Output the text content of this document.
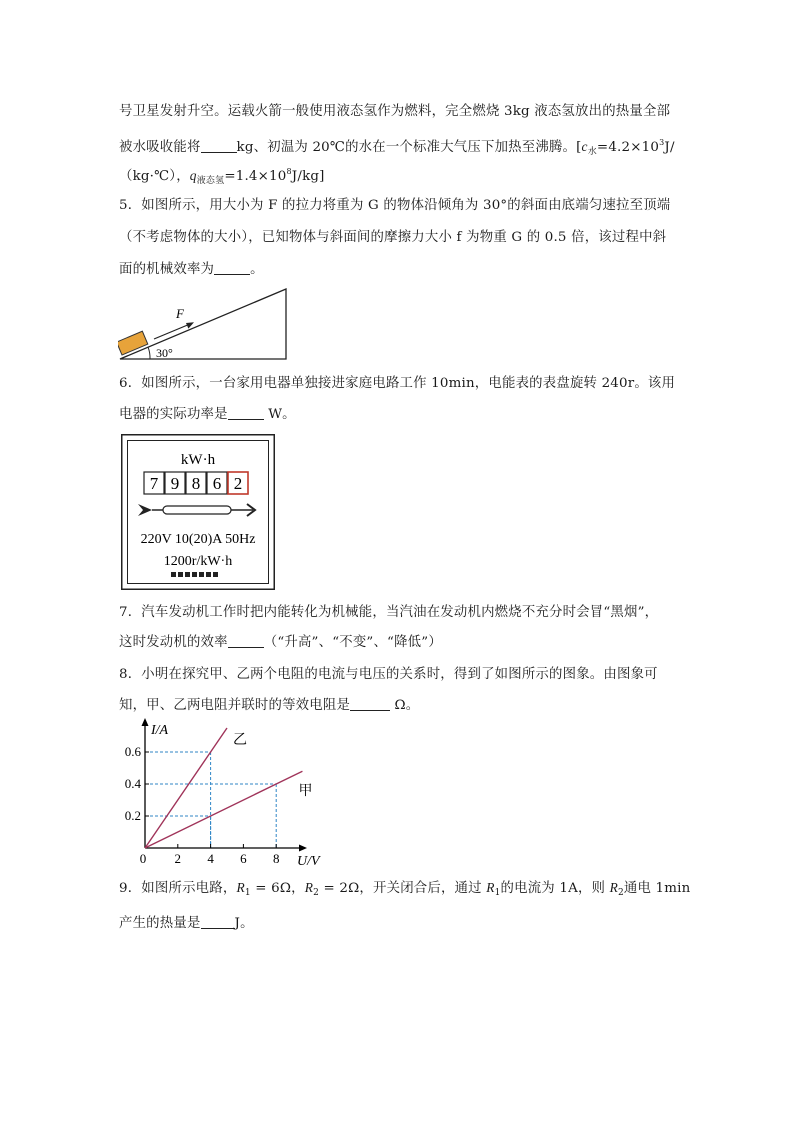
号卫星发射升空。运载火箭一般使用液态氢作为燃料，完全燃烧 3kg 液态氢放出的热量全部
被水吸收能将	kg、初温为 20℃的水在一个标准大气压下加热至沸腾。[$c_水=4.2\times 10^3J/$
（kg·℃），$q_{液态氢}=1.4\times 10^8J/kg$]
5．如图所示，用大小为 F 的拉力将重为 G 的物体沿倾角为 30°的斜面由底端匀速拉至顶端
（不考虑物体的大小），已知物体与斜面间的摩擦力大小 f 为物重 G 的 0.5 倍，该过程中斜
面的机械效率为	。
F
30°
6．如图所示，一台家用电器单独接进家庭电路工作 10min，电能表的表盘旋转 240r。该用
电器的实际功率是	W。
kW·h
7 9 8 6 2
220V 10(20)A 50Hz
1200r/kW·h
7．汽车发动机工作时把内能转化为机械能，当汽油在发动机内燃烧不充分时会冒“黑烟”，
这时发动机的效率	（“升高”、“不变”、“降低”）
8．小明在探究甲、乙两个电阻的电流与电压的关系时，得到了如图所示的图象。由图象可
知，甲、乙两电阻并联时的等效电阻是	Ω。
2 4 6 8
0.2
0.4
0.6
0
I/A
U/V
乙
甲
9．如图所示电路，$R_1 = 6\Omega$，$R_2 = 2\Omega$，开关闭合后，通过 $R_1$的电流为 1A，则 $R_2$通电 1min
产生的热量是	J。
